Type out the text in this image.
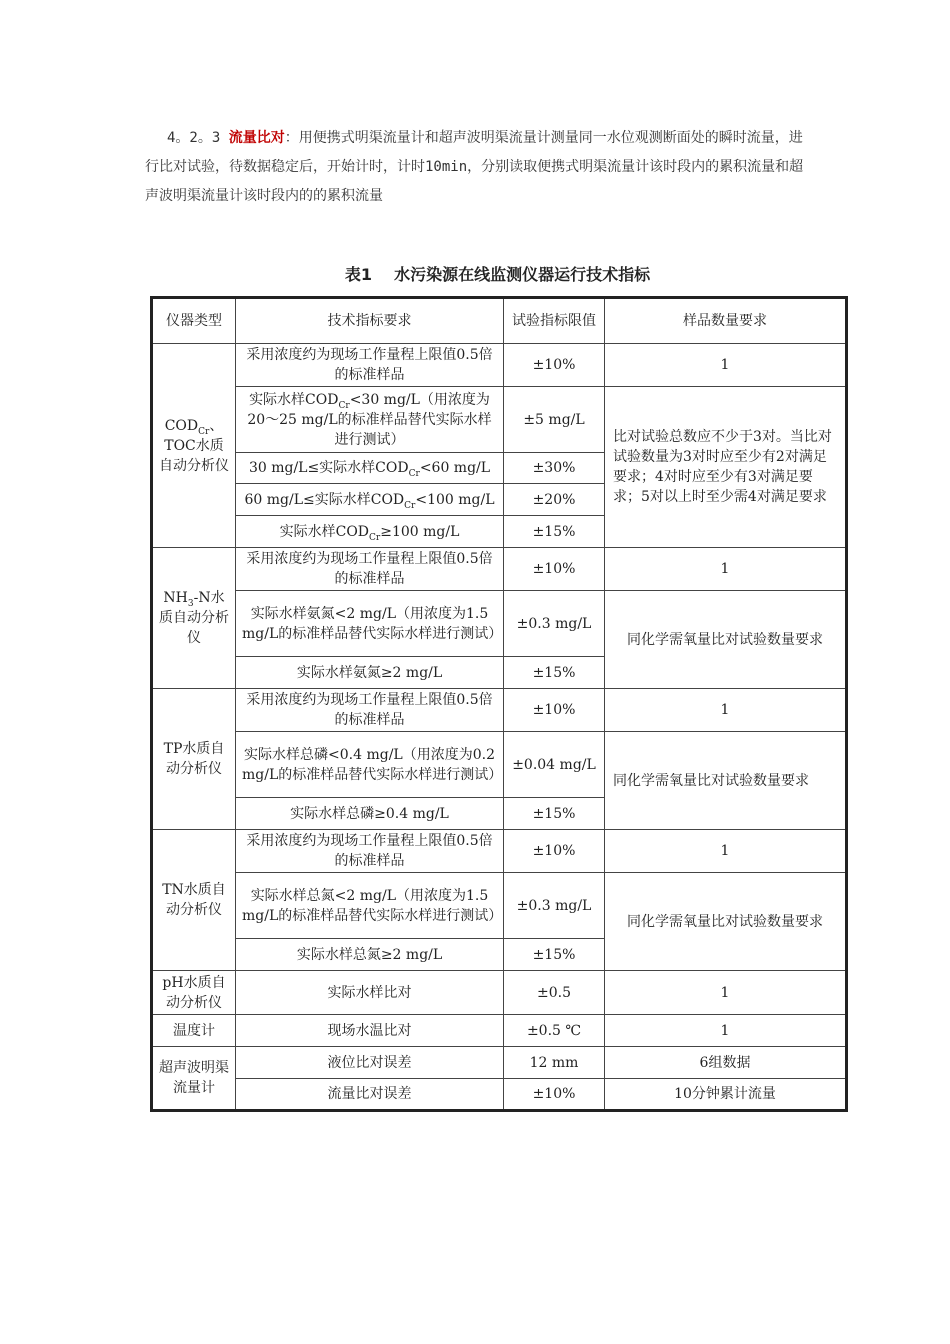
4。2。3 流量比对：用便携式明渠流量计和超声波明渠流量计测量同一水位观测断面处的瞬时流量，进行比对试验，待数据稳定后，开始计时，计时10min，分别读取便携式明渠流量计该时段内的累积流量和超声波明渠流量计该时段内的的累积流量
表1 水污染源在线监测仪器运行技术指标
仪器类型	技术指标要求	试验指标限值	样品数量要求
$COD_{Cr}$、TOC水质自动分析仪	采用浓度约为现场工作量程上限值0.5倍的标准样品	±10%	1
	实际水样$COD_{Cr}<30$ mg/L（用浓度为20～25 mg/L的标准样品替代实际水样进行测试）	±5 mg/L	比对试验总数应不少于3对。当比对试验数量为3对时应至少有2对满足要求；4对时应至少有3对满足要求；5对以上时至少需4对满足要求
	30 mg/L≤实际水样$COD_{Cr}<60$ mg/L	±30%	
	60 mg/L≤实际水样$COD_{Cr}<100$ mg/L	±20%	
	实际水样$COD_{Cr}\ge 100$ mg/L	±15%	
$NH_3-N$水质自动分析仪	采用浓度约为现场工作量程上限值0.5倍的标准样品	±10%	1
	实际水样氨氮<2 mg/L（用浓度为1.5 mg/L的标准样品替代实际水样进行测试）	±0.3 mg/L	同化学需氧量比对试验数量要求
	实际水样氨氮≥2 mg/L	±15%	
TP水质自动分析仪	采用浓度约为现场工作量程上限值0.5倍的标准样品	±10%	1
	实际水样总磷<0.4 mg/L（用浓度为0.2 mg/L的标准样品替代实际水样进行测试）	±0.04 mg/L	同化学需氧量比对试验数量要求
	实际水样总磷≥0.4 mg/L	±15%	
TN水质自动分析仪	采用浓度约为现场工作量程上限值0.5倍的标准样品	±10%	1
	实际水样总氮<2 mg/L（用浓度为1.5 mg/L的标准样品替代实际水样进行测试）	±0.3 mg/L	同化学需氧量比对试验数量要求
	实际水样总氮≥2 mg/L	±15%	
pH水质自动分析仪	实际水样比对	±0.5	1
温度计	现场水温比对	±0.5 ℃	1
超声波明渠流量计	液位比对误差	12 mm	6组数据
	流量比对误差	±10%	10分钟累计流量
